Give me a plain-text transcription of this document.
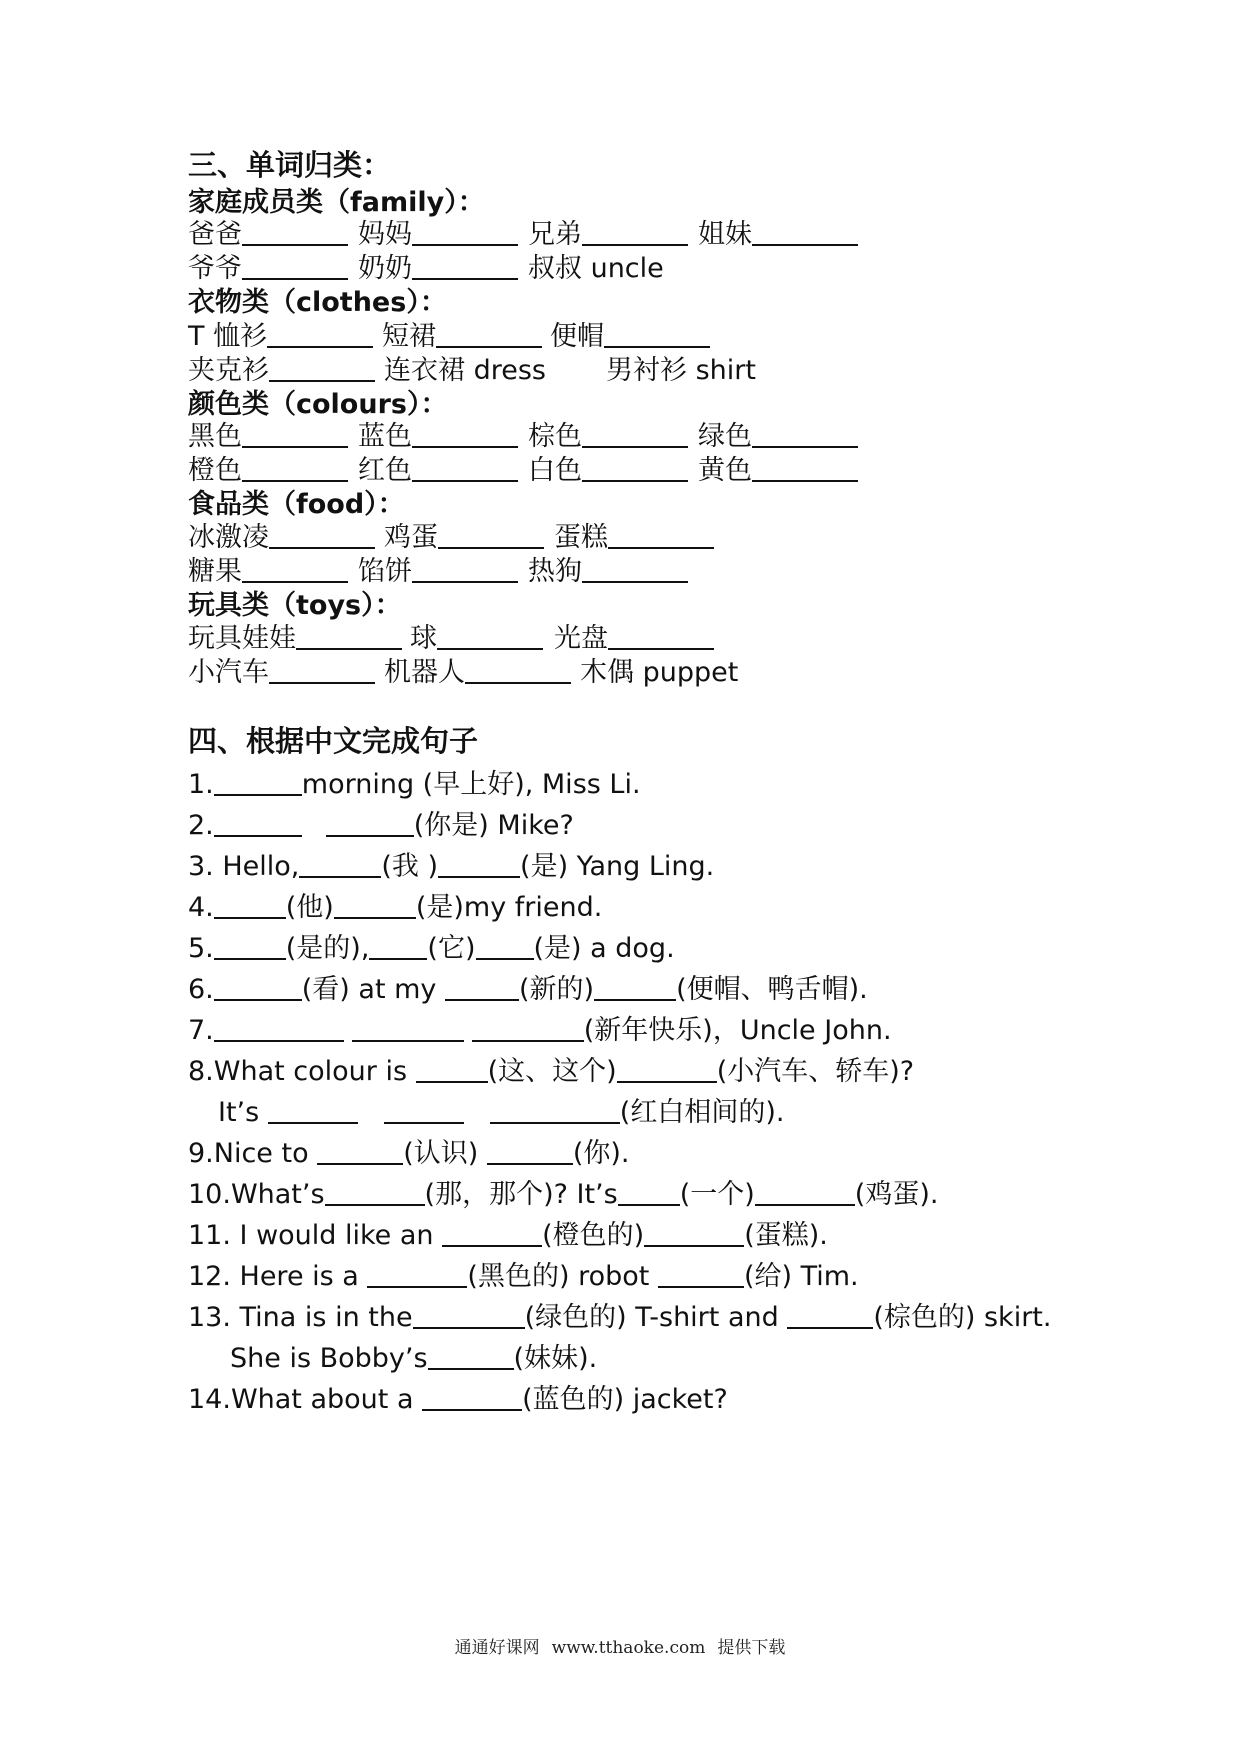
三、单词归类：
家庭成员类（family）：
爸爸	妈妈	兄弟	姐妹
爷爷	奶奶	叔叔 uncle
衣物类（clothes）：
T 恤衫	短裙	便帽
夹克衫	连衣裙 dress 男衬衫 shirt
颜色类（colours）：
黑色	蓝色	棕色	绿色
橙色	红色	白色	黄色
食品类（food）：
冰激凌	鸡蛋	蛋糕
糖果	馅饼	热狗
玩具类（toys）：
玩具娃娃	球	光盘
小汽车	机器人	木偶 puppet
四、根据中文完成句子
1.	morning (早上好), Miss Li.
2.	(你是) Mike?
3. Hello,	(我 )	(是) Yang Ling.
4.	(他)	(是)my friend.
5.	(是的), (它) (是) a dog.
6.	(看) at my	(新的)	(便帽、鸭舌帽).
7.	(新年快乐)，Uncle John.
8.What colour is	(这、这个)	(小汽车、轿车)?
It’s	(红白相间的).
9.Nice to	(认识)	(你).
10.What’s	(那，那个)? It’s (一个)	(鸡蛋).
11. I would like an	(橙色的)	(蛋糕).
12. Here is a	(黑色的) robot	(给) Tim.
13. Tina is in the	(绿色的) T-shirt and	(棕色的) skirt.
She is Bobby’s	(妹妹).
14.What about a	(蓝色的) jacket?
通通好课网 www.tthaoke.com 提供下载
